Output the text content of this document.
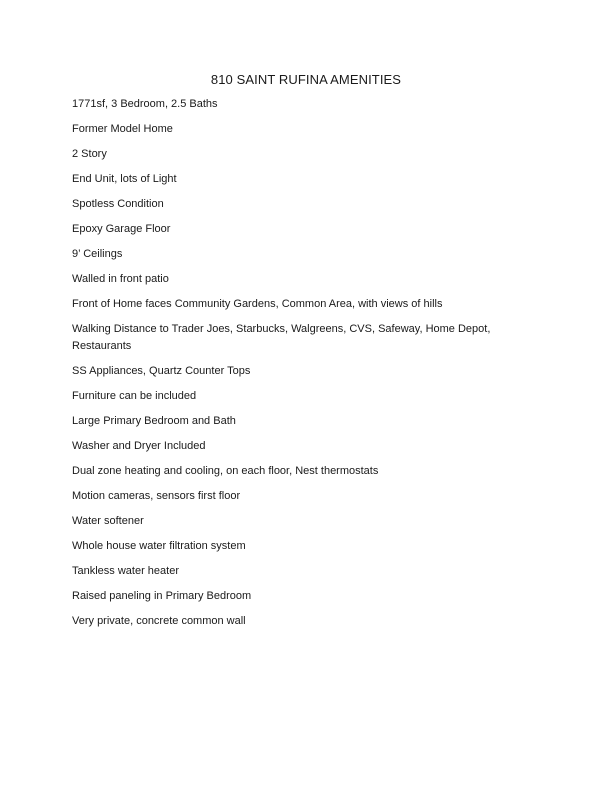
810 SAINT RUFINA AMENITIES
1771sf, 3 Bedroom, 2.5 Baths
Former Model Home
2 Story
End Unit, lots of Light
Spotless Condition
Epoxy Garage Floor
9’ Ceilings
Walled in front patio
Front of Home faces Community Gardens, Common Area, with views of hills
Walking Distance to Trader Joes, Starbucks, Walgreens, CVS, Safeway, Home Depot, Restaurants
SS Appliances, Quartz Counter Tops
Furniture can be included
Large Primary Bedroom and Bath
Washer and Dryer Included
Dual zone heating and cooling, on each floor, Nest thermostats
Motion cameras, sensors first floor
Water softener
Whole house water filtration system
Tankless water heater
Raised paneling in Primary Bedroom
Very private, concrete common wall
